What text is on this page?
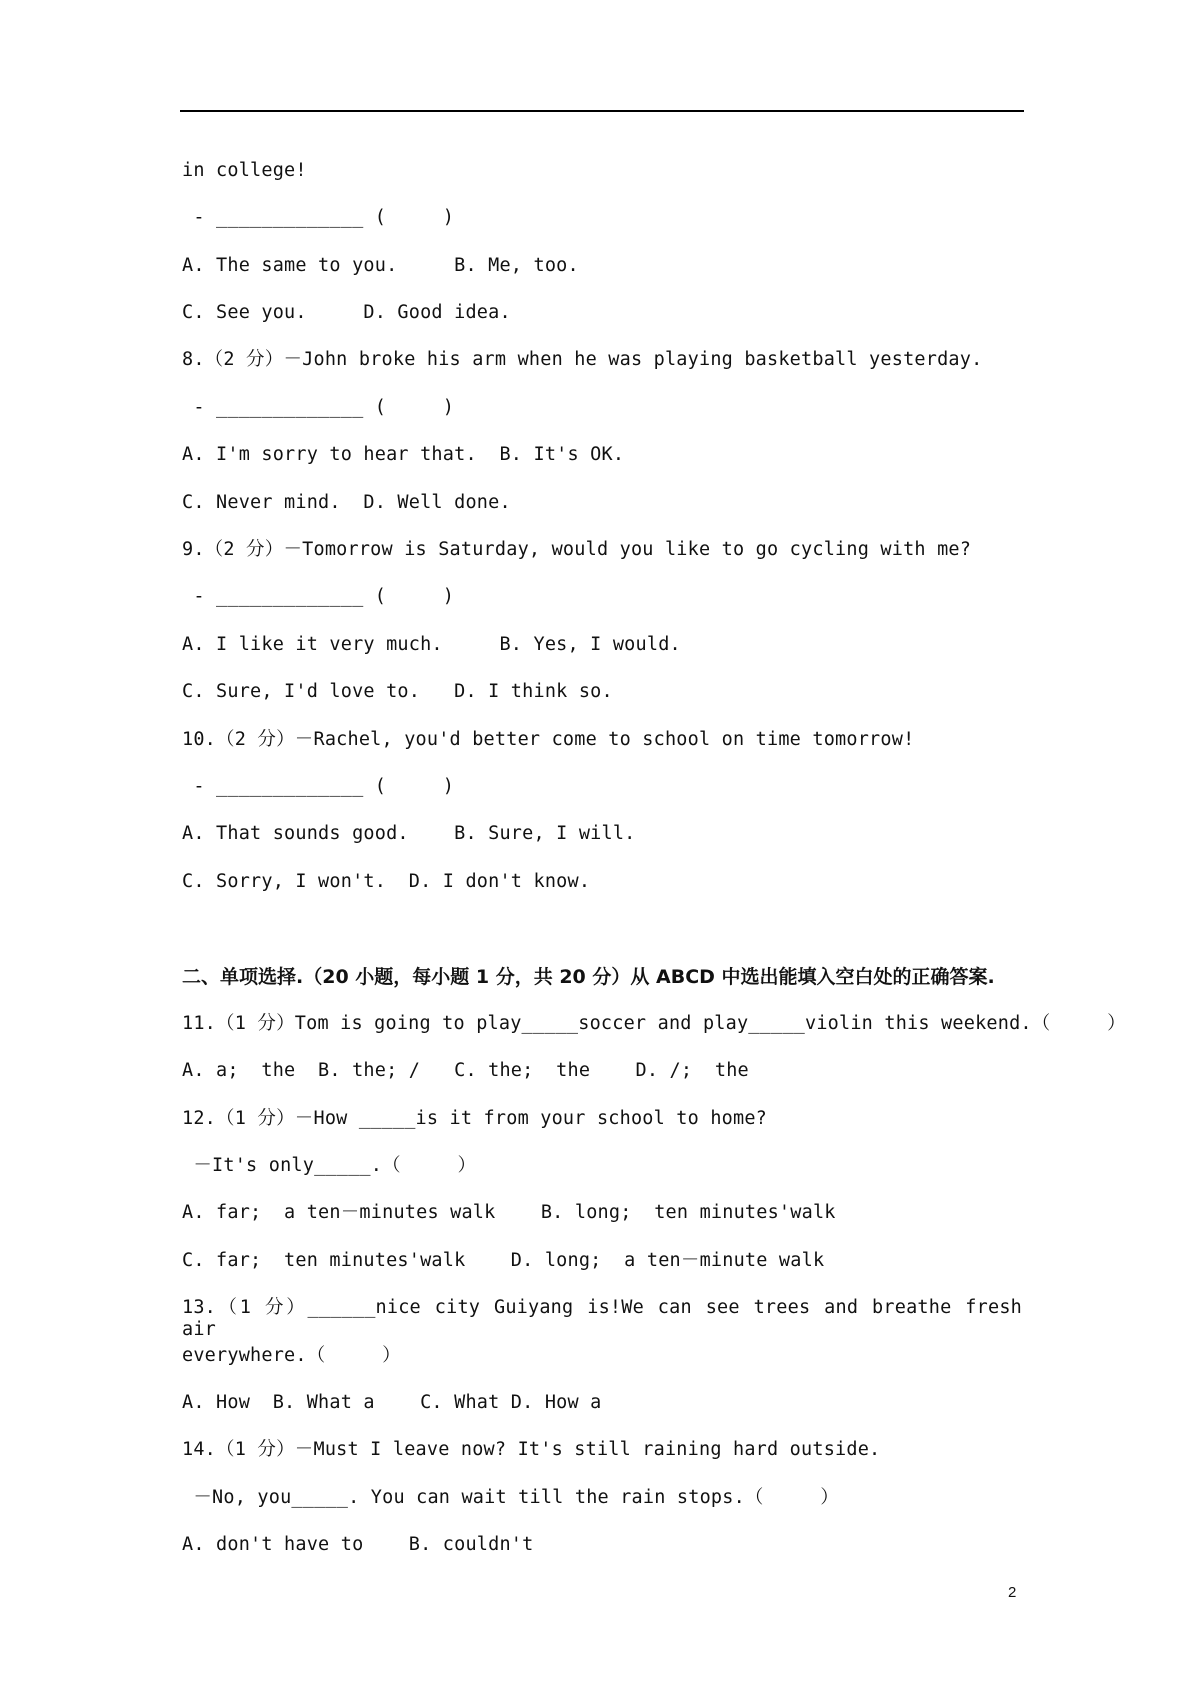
in college!
- _____________ (     )
A. The same to you.     B. Me, too.
C. See you.     D. Good idea.
8.（2 分）－John broke his arm when he was playing basketball yesterday.
- _____________ (     )
A. I'm sorry to hear that.  B. It's OK.
C. Never mind.  D. Well done.
9.（2 分）－Tomorrow is Saturday, would you like to go cycling with me?
- _____________ (     )
A. I like it very much.     B. Yes, I would.
C. Sure, I'd love to.   D. I think so.
10.（2 分）－Rachel, you'd better come to school on time tomorrow!
- _____________ (     )
A. That sounds good.    B. Sure, I will.
C. Sorry, I won't.  D. I don't know.
二、单项选择.（20 小题，每小题 1 分，共 20 分）从 ABCD 中选出能填入空白处的正确答案.
11.（1 分）Tom is going to play_____soccer and play_____violin this weekend.（     ）
A. a;  the  B. the; /   C. the;  the    D. /;  the
12.（1 分）－How _____is it from your school to home?
－It's only_____.（     ）
A. far;  a ten－minutes walk    B. long;  ten minutes'walk
C. far;  ten minutes'walk    D. long;  a ten－minute walk
13.（1 分）______nice city Guiyang is!We can see trees and breathe fresh air
everywhere.（     ）
A. How  B. What a    C. What D. How a
14.（1 分）－Must I leave now? It's still raining hard outside.
－No, you_____. You can wait till the rain stops.（     ）
A. don't have to    B. couldn't
2
